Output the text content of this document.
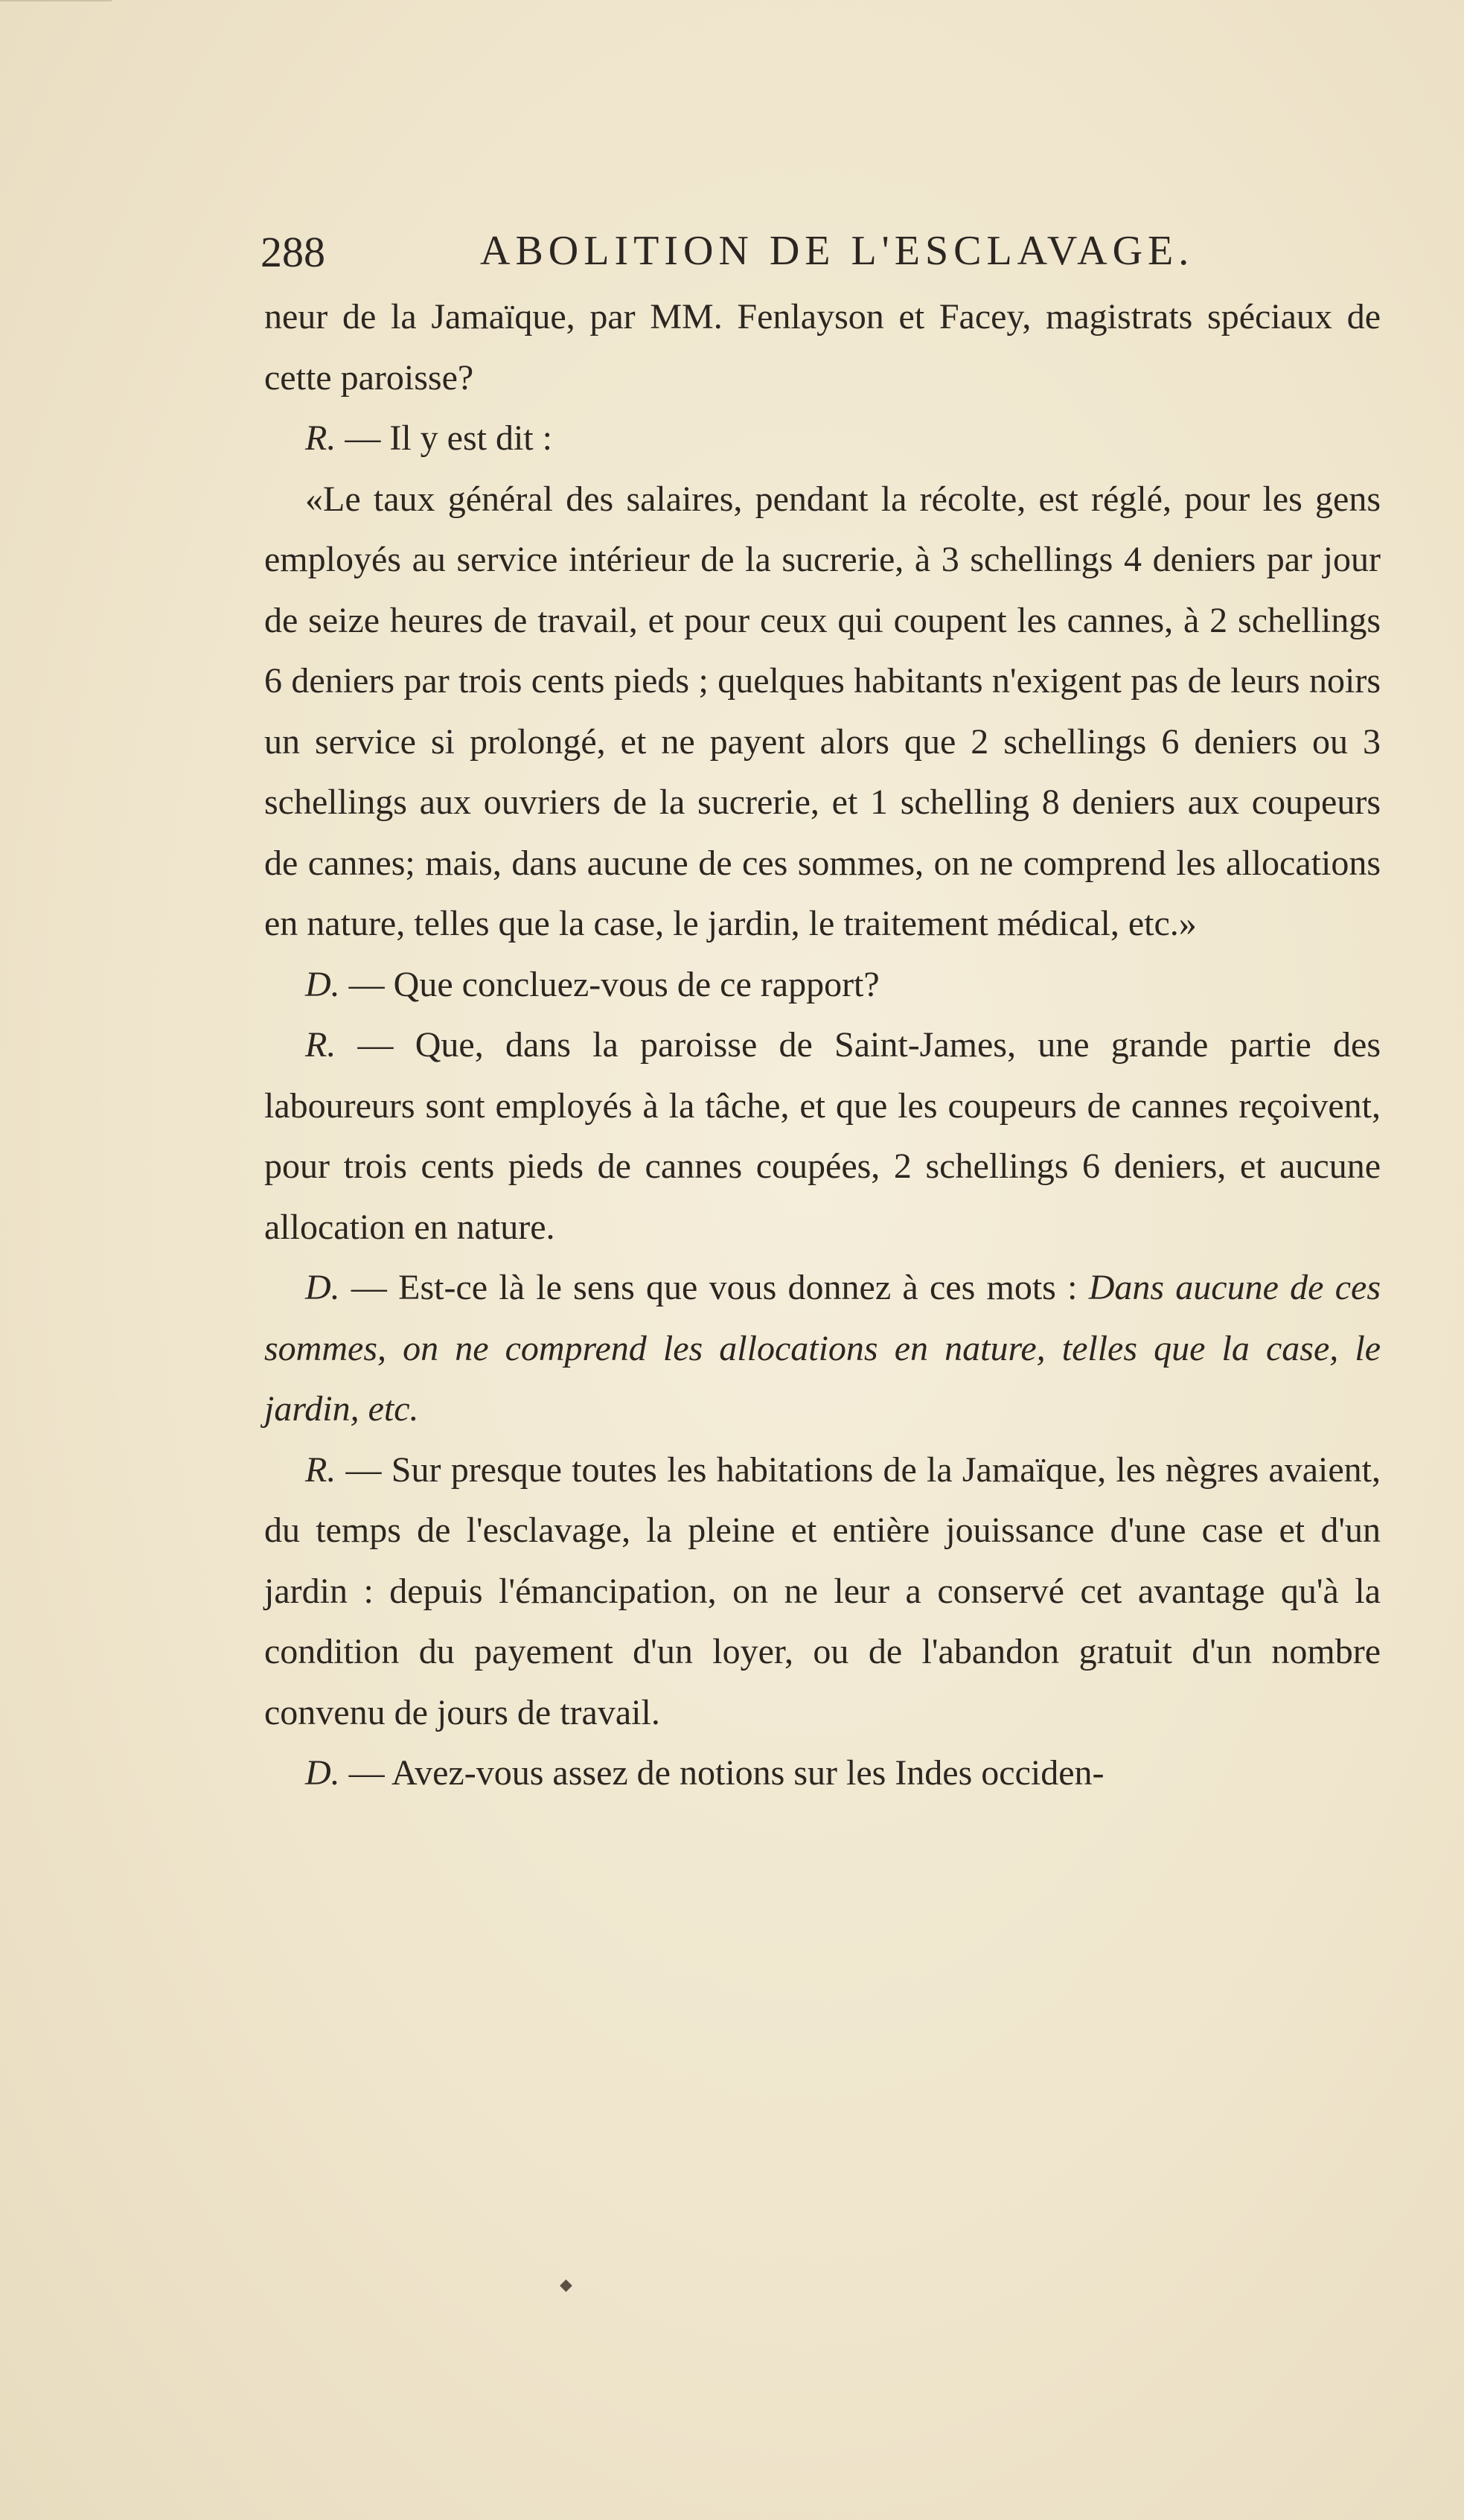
288	ABOLITION DE L'ESCLAVAGE.

neur de la Jamaïque, par MM. Fenlayson et Facey, magistrats spéciaux de cette paroisse?

R. — Il y est dit :

«Le taux général des salaires, pendant la récolte, est réglé, pour les gens employés au service intérieur de la sucrerie, à 3 schellings 4 deniers par jour de seize heures de travail, et pour ceux qui coupent les cannes, à 2 schellings 6 deniers par trois cents pieds ; quelques habitants n'exigent pas de leurs noirs un service si prolongé, et ne payent alors que 2 schellings 6 deniers ou 3 schellings aux ouvriers de la sucrerie, et 1 schelling 8 deniers aux coupeurs de cannes; mais, dans aucune de ces sommes, on ne comprend les allocations en nature, telles que la case, le jardin, le traitement médical, etc.»

D. — Que concluez-vous de ce rapport?

R. — Que, dans la paroisse de Saint-James, une grande partie des laboureurs sont employés à la tâche, et que les coupeurs de cannes reçoivent, pour trois cents pieds de cannes coupées, 2 schellings 6 deniers, et aucune allocation en nature.

D. — Est-ce là le sens que vous donnez à ces mots : Dans aucune de ces sommes, on ne comprend les allocations en nature, telles que la case, le jardin, etc.

R. — Sur presque toutes les habitations de la Jamaïque, les nègres avaient, du temps de l'esclavage, la pleine et entière jouissance d'une case et d'un jardin : depuis l'émancipation, on ne leur a conservé cet avantage qu'à la condition du payement d'un loyer, ou de l'abandon gratuit d'un nombre convenu de jours de travail.

D. — Avez-vous assez de notions sur les Indes occiden-

◆
